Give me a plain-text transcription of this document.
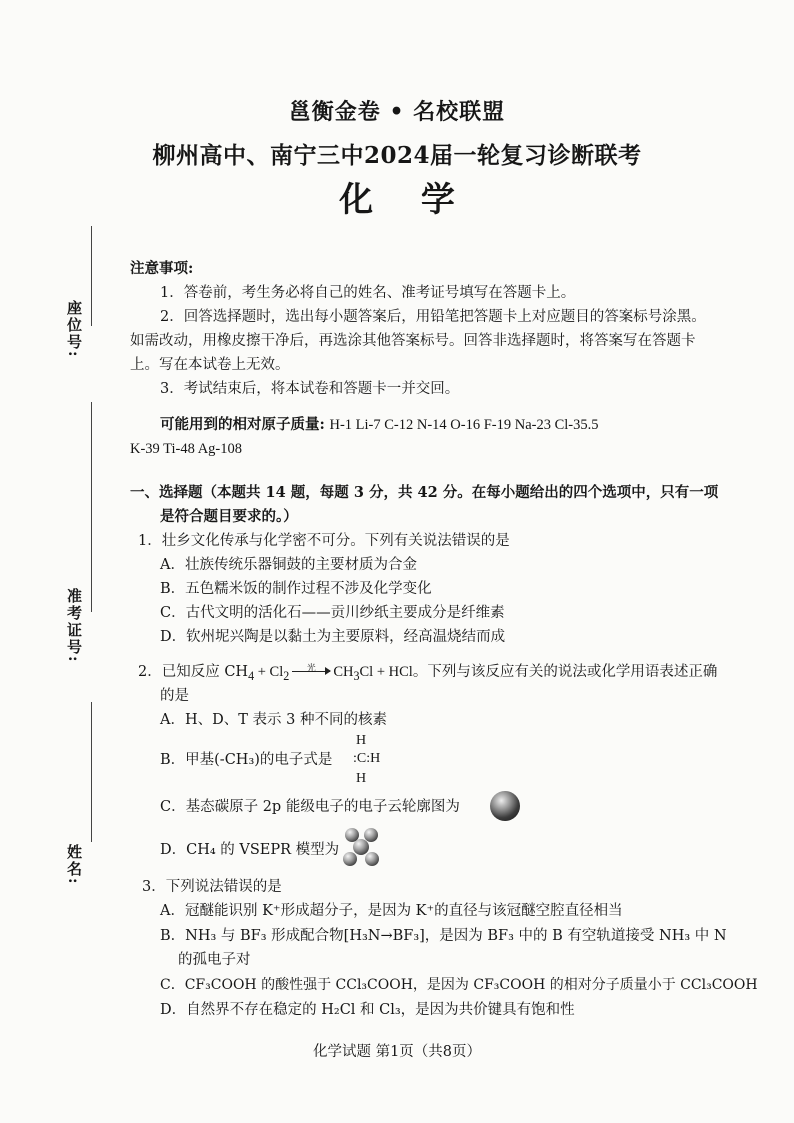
邕衡金卷 • 名校联盟
柳州高中、南宁三中2024届一轮复习诊断联考
化 学
座位号:
准考证号:
姓名:
注意事项:
1．答卷前，考生务必将自己的姓名、准考证号填写在答题卡上。
2．回答选择题时，选出每小题答案后，用铅笔把答题卡上对应题目的答案标号涂黑。
如需改动，用橡皮擦干净后，再选涂其他答案标号。回答非选择题时，将答案写在答题卡
上。写在本试卷上无效。
3．考试结束后，将本试卷和答题卡一并交回。
可能用到的相对原子质量: H-1 Li-7 C-12 N-14 O-16 F-19 Na-23 Cl-35.5
K-39 Ti-48 Ag-108
一、选择题（本题共 14 题，每题 3 分，共 42 分。在每小题给出的四个选项中，只有一项
是符合题目要求的。）
1．壮乡文化传承与化学密不可分。下列有关说法错误的是
A．壮族传统乐器铜鼓的主要材质为合金
B．五色糯米饭的制作过程不涉及化学变化
C．古代文明的活化石——贡川纱纸主要成分是纤维素
D．钦州坭兴陶是以黏土为主要原料，经高温烧结而成
2．已知反应 $CH_4 + Cl_2$	光	$CH_3Cl$ + HCl。下列与该反应有关的说法或化学用语表述正确
的是
A．H、D、T 表示 3 种不同的核素
B．甲基(-CH₃)的电子式是
H
:C:H
H
C．基态碳原子 2p 能级电子的电子云轮廓图为
D．CH₄ 的 VSEPR 模型为
3．下列说法错误的是
A．冠醚能识别 K⁺形成超分子，是因为 K⁺的直径与该冠醚空腔直径相当
B．NH₃ 与 BF₃ 形成配合物[H₃N→BF₃]，是因为 BF₃ 中的 B 有空轨道接受 NH₃ 中 N
的孤电子对
C．CF₃COOH 的酸性强于 CCl₃COOH，是因为 CF₃COOH 的相对分子质量小于 CCl₃COOH
D．自然界不存在稳定的 H₂Cl 和 Cl₃，是因为共价键具有饱和性
化学试题 第1页（共8页）
